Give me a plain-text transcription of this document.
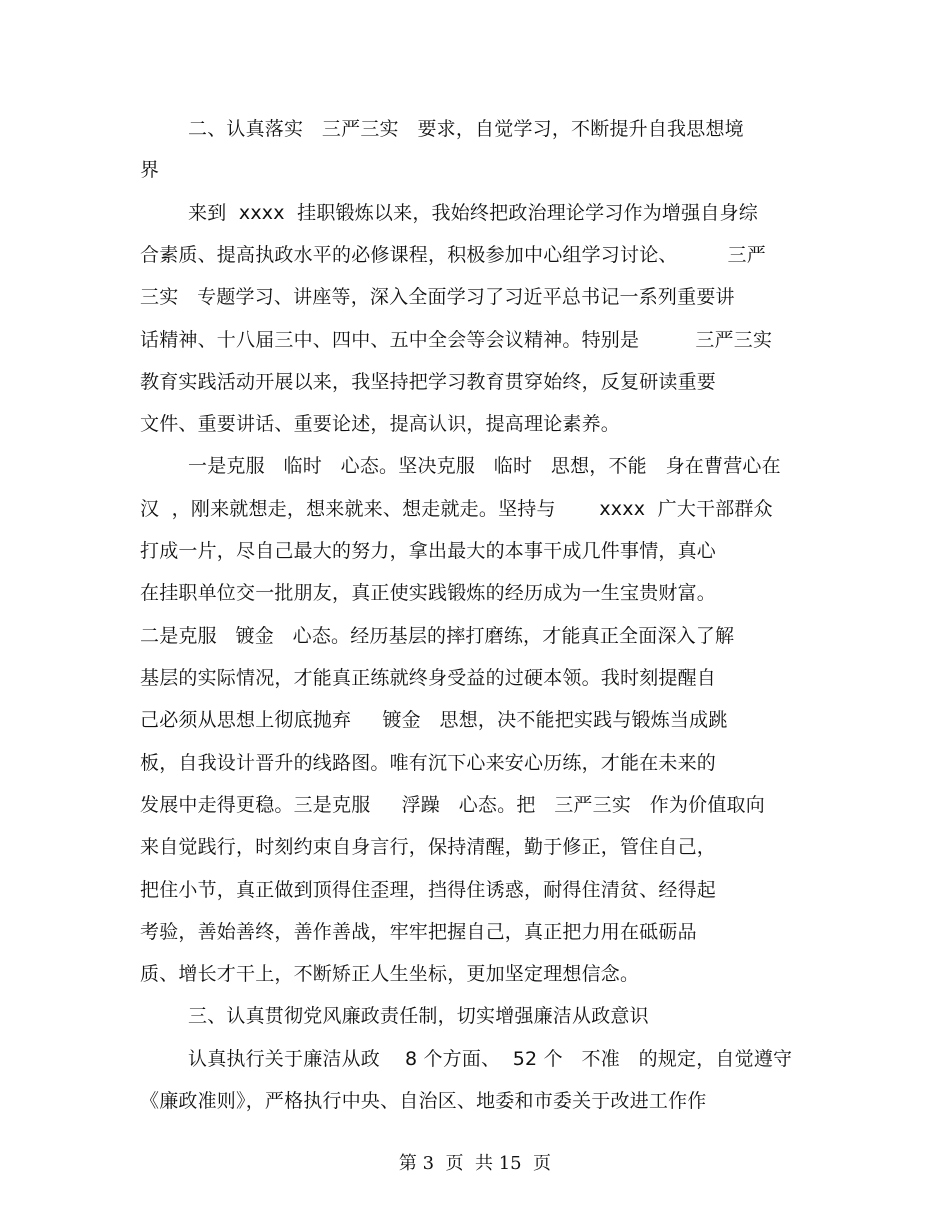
二、认真落实   三严三实   要求，自觉学习，不断提升自我思想境
界
来到  xxxx  挂职锻炼以来，我始终把政治理论学习作为增强自身综
合素质、提高执政水平的必修课程，积极参加中心组学习讨论、        三严
三实   专题学习、讲座等，深入全面学习了习近平总书记一系列重要讲
话精神、十八届三中、四中、五中全会等会议精神。特别是         三严三实
教育实践活动开展以来，我坚持把学习教育贯穿始终，反复研读重要
文件、重要讲话、重要论述，提高认识，提高理论素养。
一是克服   临时   心态。坚决克服   临时   思想，不能   身在曹营心在
汉  ，刚来就想走，想来就来、想走就走。坚持与       xxxx  广大干部群众
打成一片，尽自己最大的努力，拿出最大的本事干成几件事情，真心
在挂职单位交一批朋友，真正使实践锻炼的经历成为一生宝贵财富。
二是克服   镀金   心态。经历基层的摔打磨练，才能真正全面深入了解
基层的实际情况，才能真正练就终身受益的过硬本领。我时刻提醒自
己必须从思想上彻底抛弃     镀金   思想，决不能把实践与锻炼当成跳
板，自我设计晋升的线路图。唯有沉下心来安心历练，才能在未来的
发展中走得更稳。三是克服     浮躁   心态。把   三严三实   作为价值取向
来自觉践行，时刻约束自身言行，保持清醒，勤于修正，管住自己，
把住小节，真正做到顶得住歪理，挡得住诱惑，耐得住清贫、经得起
考验，善始善终，善作善战，牢牢把握自己，真正把力用在砥砺品
质、增长才干上，不断矫正人生坐标，更加坚定理想信念。
三、认真贯彻党风廉政责任制，切实增强廉洁从政意识
认真执行关于廉洁从政    8 个方面、  52 个   不准   的规定，自觉遵守
《廉政准则》，严格执行中央、自治区、地委和市委关于改进工作作
第 3  页  共 15  页
